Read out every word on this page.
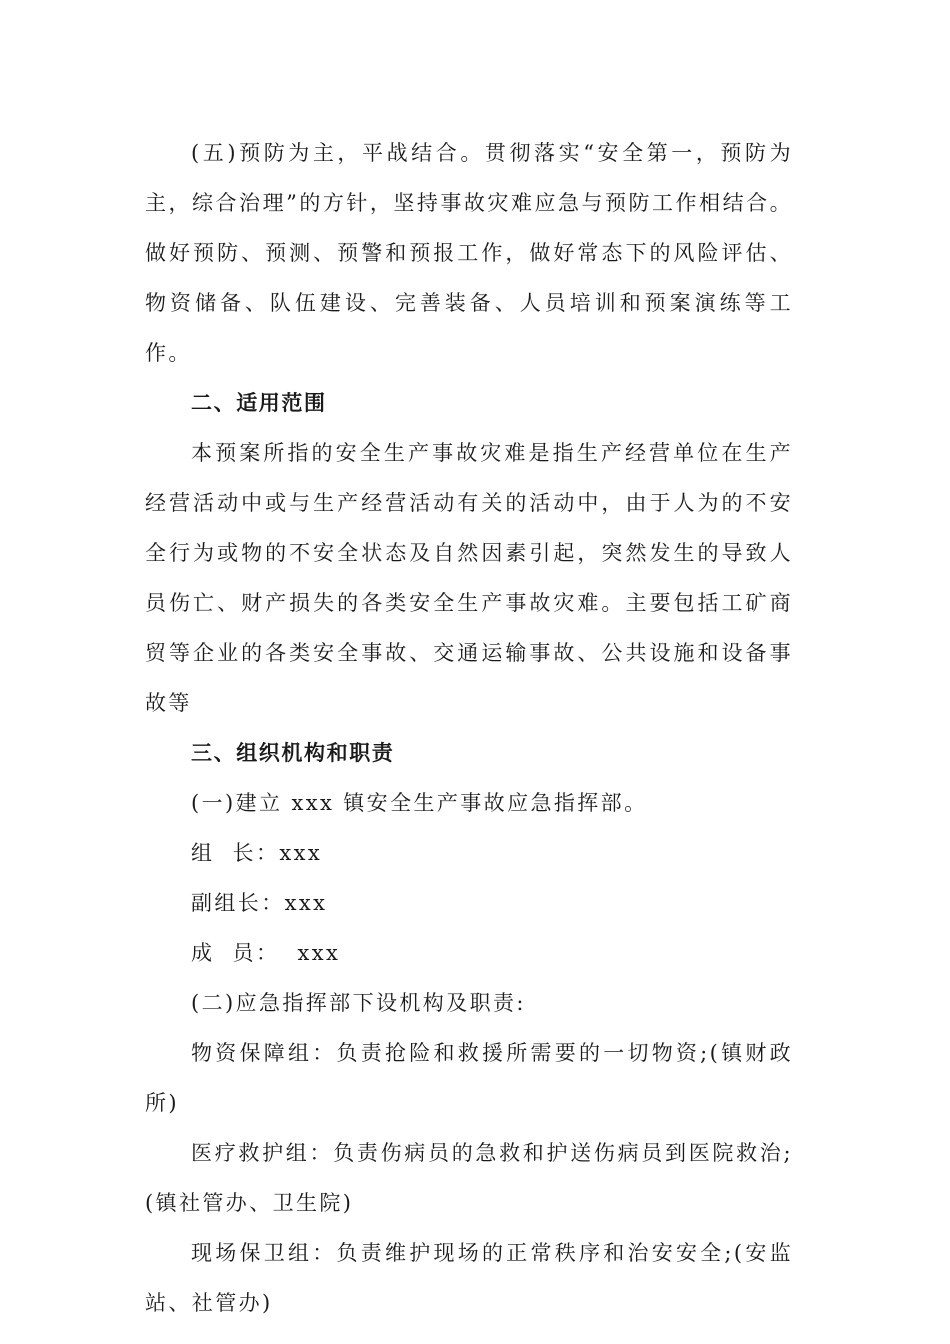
(五)预防为主，平战结合。贯彻落实“安全第一，预防为主，综合治理”的方针，坚持事故灾难应急与预防工作相结合。做好预防、预测、预警和预报工作，做好常态下的风险评估、物资储备、队伍建设、完善装备、人员培训和预案演练等工作。

二、适用范围

本预案所指的安全生产事故灾难是指生产经营单位在生产经营活动中或与生产经营活动有关的活动中，由于人为的不安全行为或物的不安全状态及自然因素引起，突然发生的导致人员伤亡、财产损失的各类安全生产事故灾难。主要包括工矿商贸等企业的各类安全事故、交通运输事故、公共设施和设备事故等

三、组织机构和职责

(一)建立 xxx 镇安全生产事故应急指挥部。

组  长：xxx

副组长：xxx

成  员：  xxx

(二)应急指挥部下设机构及职责:

物资保障组：负责抢险和救援所需要的一切物资;(镇财政所)

医疗救护组：负责伤病员的急救和护送伤病员到医院救治;(镇社管办、卫生院)

现场保卫组：负责维护现场的正常秩序和治安安全;(安监站、社管办)
